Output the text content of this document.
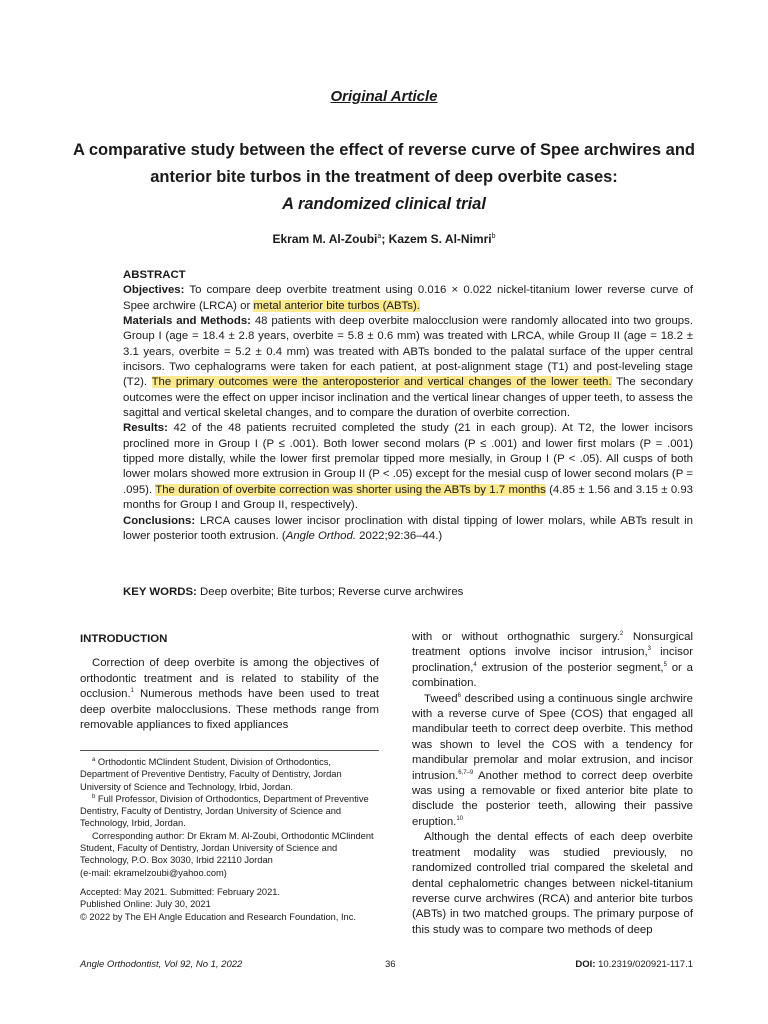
Original Article
A comparative study between the effect of reverse curve of Spee archwires and anterior bite turbos in the treatment of deep overbite cases:
A randomized clinical trial
Ekram M. Al-Zoubi$^a$; Kazem S. Al-Nimri$^b$

ABSTRACT

Objectives: To compare deep overbite treatment using 0.016 × 0.022 nickel-titanium lower reverse curve of Spee archwire (LRCA) or metal anterior bite turbos (ABTs).

Materials and Methods: 48 patients with deep overbite malocclusion were randomly allocated into two groups. Group I (age = 18.4 ± 2.8 years, overbite = 5.8 ± 0.6 mm) was treated with LRCA, while Group II (age = 18.2 ± 3.1 years, overbite = 5.2 ± 0.4 mm) was treated with ABTs bonded to the palatal surface of the upper central incisors. Two cephalograms were taken for each patient, at post-alignment stage (T1) and post-leveling stage (T2). The primary outcomes were the anteroposterior and vertical changes of the lower teeth. The secondary outcomes were the effect on upper incisor inclination and the vertical linear changes of upper teeth, to assess the sagittal and vertical skeletal changes, and to compare the duration of overbite correction.

Results: 42 of the 48 patients recruited completed the study (21 in each group). At T2, the lower incisors proclined more in Group I (P ≤ .001). Both lower second molars (P ≤ .001) and lower first molars (P = .001) tipped more distally, while the lower first premolar tipped more mesially, in Group I (P < .05). All cusps of both lower molars showed more extrusion in Group II (P < .05) except for the mesial cusp of lower second molars (P = .095). The duration of overbite correction was shorter using the ABTs by 1.7 months (4.85 ± 1.56 and 3.15 ± 0.93 months for Group I and Group II, respectively).

Conclusions: LRCA causes lower incisor proclination with distal tipping of lower molars, while ABTs result in lower posterior tooth extrusion. (Angle Orthod. 2022;92:36–44.)

KEY WORDS: Deep overbite; Bite turbos; Reverse curve archwires

INTRODUCTION

Correction of deep overbite is among the objectives of orthodontic treatment and is related to stability of the occlusion.$^1$ Numerous methods have been used to treat deep overbite malocclusions. These methods range from removable appliances to fixed appliances

$^a$ Orthodontic MClindent Student, Division of Orthodontics, Department of Preventive Dentistry, Faculty of Dentistry, Jordan University of Science and Technology, Irbid, Jordan.

$^b$ Full Professor, Division of Orthodontics, Department of Preventive Dentistry, Faculty of Dentistry, Jordan University of Science and Technology, Irbid, Jordan.

Corresponding author: Dr Ekram M. Al-Zoubi, Orthodontic MClindent Student, Faculty of Dentistry, Jordan University of Science and Technology, P.O. Box 3030, Irbid 22110 Jordan

(e-mail: ekramelzoubi@yahoo.com)

Accepted: May 2021. Submitted: February 2021.

Published Online: July 30, 2021

© 2022 by The EH Angle Education and Research Foundation, Inc.

with or without orthognathic surgery.$^2$ Nonsurgical treatment options involve incisor intrusion,$^3$ incisor proclination,$^4$ extrusion of the posterior segment,$^5$ or a combination.

Tweed$^6$ described using a continuous single archwire with a reverse curve of Spee (COS) that engaged all mandibular teeth to correct deep overbite. This method was shown to level the COS with a tendency for mandibular premolar and molar extrusion, and incisor intrusion.$^{6,7-9}$ Another method to correct deep overbite was using a removable or fixed anterior bite plate to disclude the posterior teeth, allowing their passive eruption.$^{10}$

Although the dental effects of each deep overbite treatment modality was studied previously, no randomized controlled trial compared the skeletal and dental cephalometric changes between nickel-titanium reverse curve archwires (RCA) and anterior bite turbos (ABTs) in two matched groups. The primary purpose of this study was to compare two methods of deep

Angle Orthodontist, Vol 92, No 1, 2022	36	DOI: 10.2319/020921-117.1
